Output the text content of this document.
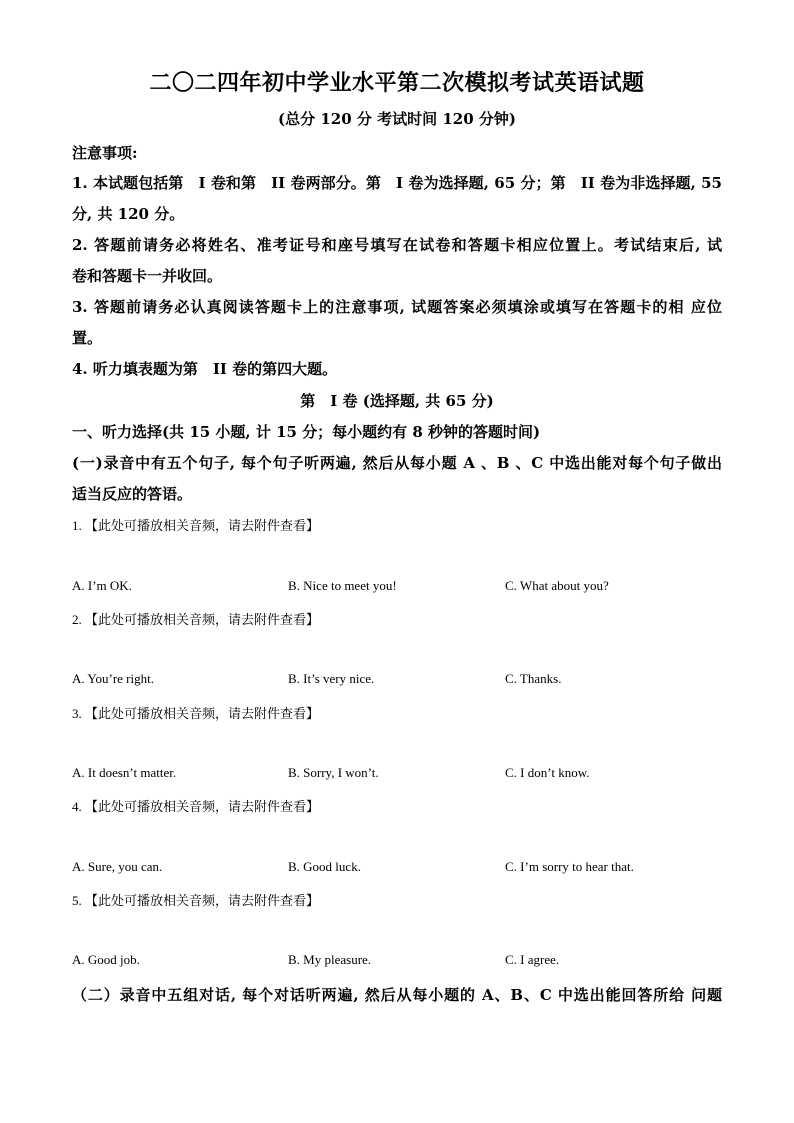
二〇二四年初中学业水平第二次模拟考试英语试题
(总分 120 分 考试时间 120 分钟)
注意事项:
1. 本试题包括第　I 卷和第　II 卷两部分。第　I 卷为选择题, 65 分；第　II 卷为非选择题, 55
分, 共 120 分。
2. 答题前请务必将姓名、准考证号和座号填写在试卷和答题卡相应位置上。考试结束后, 试
卷和答题卡一并收回。
3. 答题前请务必认真阅读答题卡上的注意事项, 试题答案必须填涂或填写在答题卡的相 应位
置。
4. 听力填表题为第　II 卷的第四大题。
第　I 卷 (选择题, 共 65 分)
一、听力选择(共 15 小题, 计 15 分；每小题约有 8 秒钟的答题时间)
(一)录音中有五个句子, 每个句子听两遍, 然后从每小题 A 、B 、C 中选出能对每个句子做出
适当反应的答语。
1. 【此处可播放相关音频，请去附件查看】
A. I’m OK.	B. Nice to meet you!	C. What about you?
2. 【此处可播放相关音频，请去附件查看】
A. You’re right.	B. It’s very nice.	C. Thanks.
3. 【此处可播放相关音频，请去附件查看】
A. It doesn’t matter.	B. Sorry, I won’t.	C. I don’t know.
4. 【此处可播放相关音频，请去附件查看】
A. Sure, you can.	B. Good luck.	C. I’m sorry to hear that.
5. 【此处可播放相关音频，请去附件查看】
A. Good job.	B. My pleasure.	C. I agree.
（二）录音中五组对话, 每个对话听两遍, 然后从每小题的 A、B、C 中选出能回答所给 问题
